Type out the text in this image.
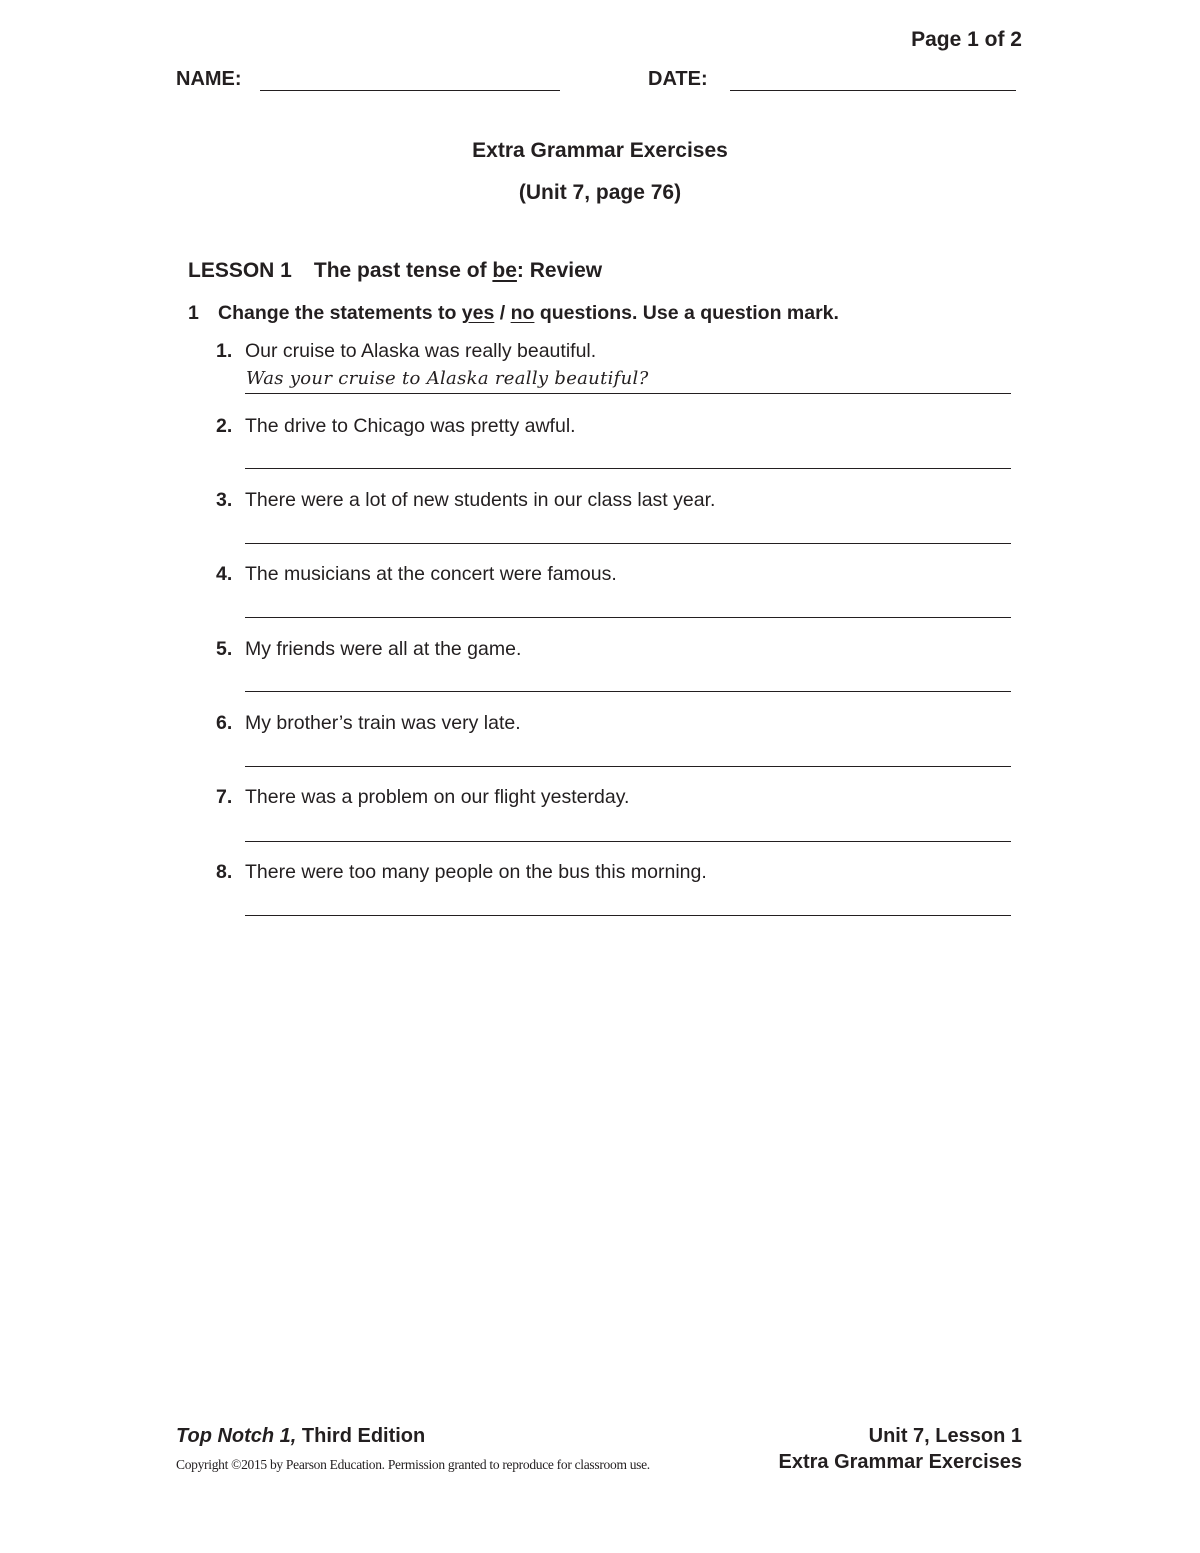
Page 1 of 2
NAME:	DATE:
Extra Grammar Exercises
(Unit 7, page 76)
LESSON 1 The past tense of be: Review
1 Change the statements to yes / no questions. Use a question mark.
1. Our cruise to Alaska was really beautiful.
Was your cruise to Alaska really beautiful?
2. The drive to Chicago was pretty awful.
3. There were a lot of new students in our class last year.
4. The musicians at the concert were famous.
5. My friends were all at the game.
6. My brother’s train was very late.
7. There was a problem on our flight yesterday.
8. There were too many people on the bus this morning.
Top Notch 1, Third Edition
Copyright ©2015 by Pearson Education. Permission granted to reproduce for classroom use.
Unit 7, Lesson 1
Extra Grammar Exercises
